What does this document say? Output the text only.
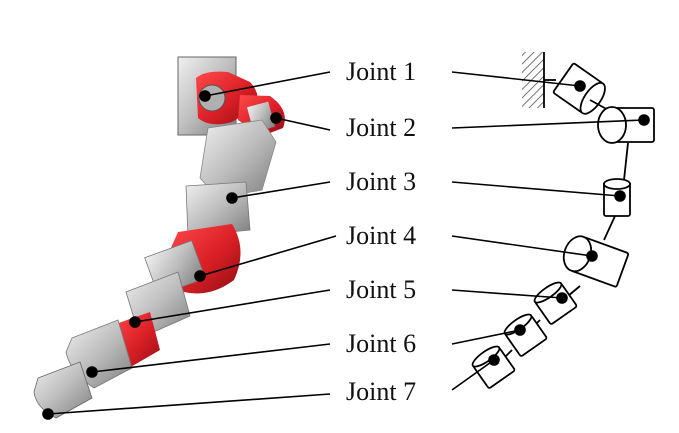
Joint 1
Joint 2
Joint 3
Joint 4
Joint 5
Joint 6
Joint 7
